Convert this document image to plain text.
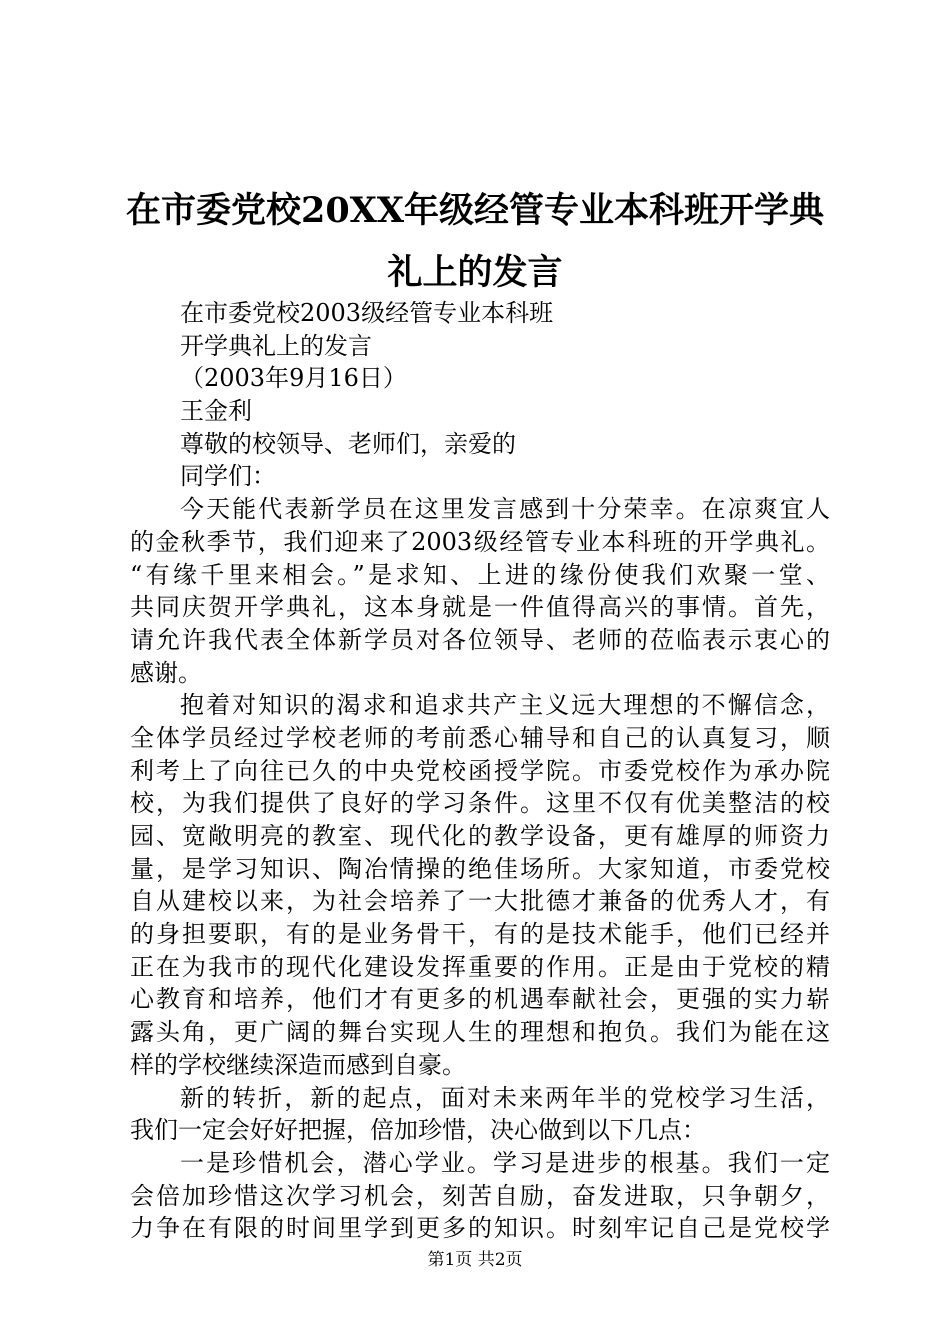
在市委党校20XX年级经管专业本科班开学典
礼上的发言
在市委党校2003级经管专业本科班
开学典礼上的发言
（2003年9月16日）
王金利
尊敬的校领导、老师们，亲爱的
同学们：
今天能代表新学员在这里发言感到十分荣幸。在凉爽宜人
的金秋季节，我们迎来了2003级经管专业本科班的开学典礼。
“有缘千里来相会。”是求知、上进的缘份使我们欢聚一堂、
共同庆贺开学典礼，这本身就是一件值得高兴的事情。首先，
请允许我代表全体新学员对各位领导、老师的莅临表示衷心的
感谢。
抱着对知识的渴求和追求共产主义远大理想的不懈信念，
全体学员经过学校老师的考前悉心辅导和自己的认真复习，顺
利考上了向往已久的中央党校函授学院。市委党校作为承办院
校，为我们提供了良好的学习条件。这里不仅有优美整洁的校
园、宽敞明亮的教室、现代化的教学设备，更有雄厚的师资力
量，是学习知识、陶冶情操的绝佳场所。大家知道，市委党校
自从建校以来，为社会培养了一大批德才兼备的优秀人才，有
的身担要职，有的是业务骨干，有的是技术能手，他们已经并
正在为我市的现代化建设发挥重要的作用。正是由于党校的精
心教育和培养，他们才有更多的机遇奉献社会，更强的实力崭
露头角，更广阔的舞台实现人生的理想和抱负。我们为能在这
样的学校继续深造而感到自豪。
新的转折，新的起点，面对未来两年半的党校学习生活，
我们一定会好好把握，倍加珍惜，决心做到以下几点：
一是珍惜机会，潜心学业。学习是进步的根基。我们一定
会倍加珍惜这次学习机会，刻苦自励，奋发进取，只争朝夕，
力争在有限的时间里学到更多的知识。时刻牢记自己是党校学
第1页 共2页
